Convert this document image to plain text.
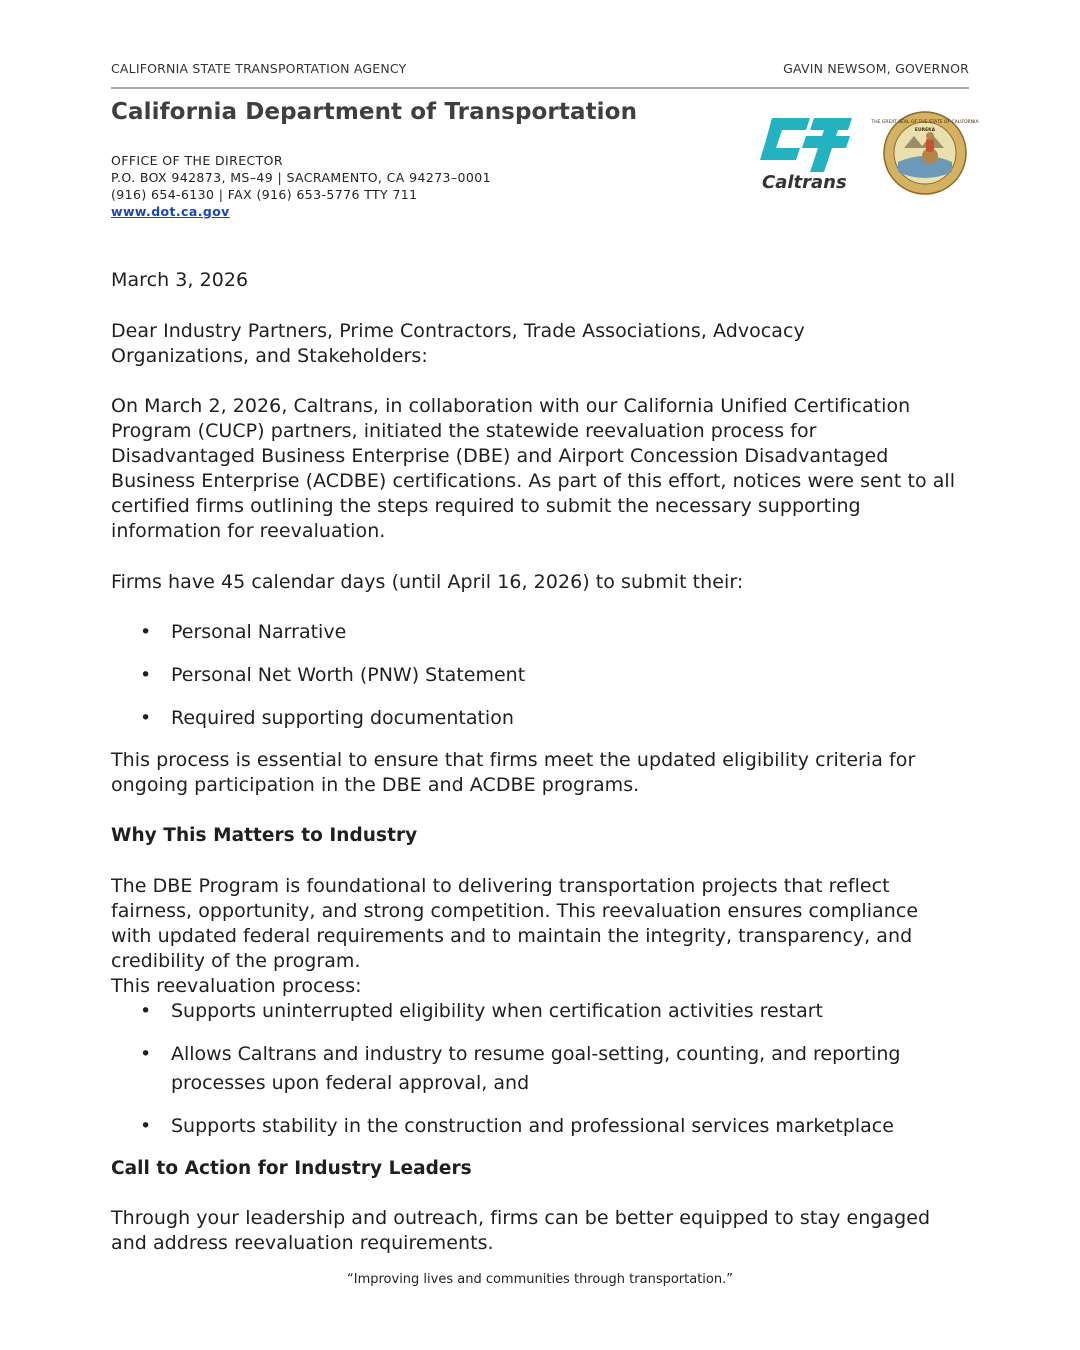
CALIFORNIA STATE TRANSPORTATION AGENCY	GAVIN NEWSOM, GOVERNOR
California Department of Transportation
OFFICE OF THE DIRECTOR
P.O. BOX 942873, MS–49 | SACRAMENTO, CA 94273–0001
(916) 654-6130 | FAX (916) 653-5776 TTY 711
www.dot.ca.gov
Caltrans
THE GREAT SEAL OF THE STATE OF CALIFORNIA
EUREKA

March 3, 2026

Dear Industry Partners, Prime Contractors, Trade Associations, Advocacy
Organizations, and Stakeholders:
On March 2, 2026, Caltrans, in collaboration with our California Unified Certification
Program (CUCP) partners, initiated the statewide reevaluation process for
Disadvantaged Business Enterprise (DBE) and Airport Concession Disadvantaged
Business Enterprise (ACDBE) certifications. As part of this effort, notices were sent to all
certified firms outlining the steps required to submit the necessary supporting
information for reevaluation.
Firms have 45 calendar days (until April 16, 2026) to submit their:
•	Personal Narrative
•	Personal Net Worth (PNW) Statement
•	Required supporting documentation
This process is essential to ensure that firms meet the updated eligibility criteria for
ongoing participation in the DBE and ACDBE programs.
Why This Matters to Industry
The DBE Program is foundational to delivering transportation projects that reflect
fairness, opportunity, and strong competition. This reevaluation ensures compliance
with updated federal requirements and to maintain the integrity, transparency, and
credibility of the program.
This reevaluation process:
•	Supports uninterrupted eligibility when certification activities restart
•	Allows Caltrans and industry to resume goal-setting, counting, and reporting
processes upon federal approval, and
•	Supports stability in the construction and professional services marketplace
Call to Action for Industry Leaders
Through your leadership and outreach, firms can be better equipped to stay engaged
and address reevaluation requirements.
“Improving lives and communities through transportation.”
